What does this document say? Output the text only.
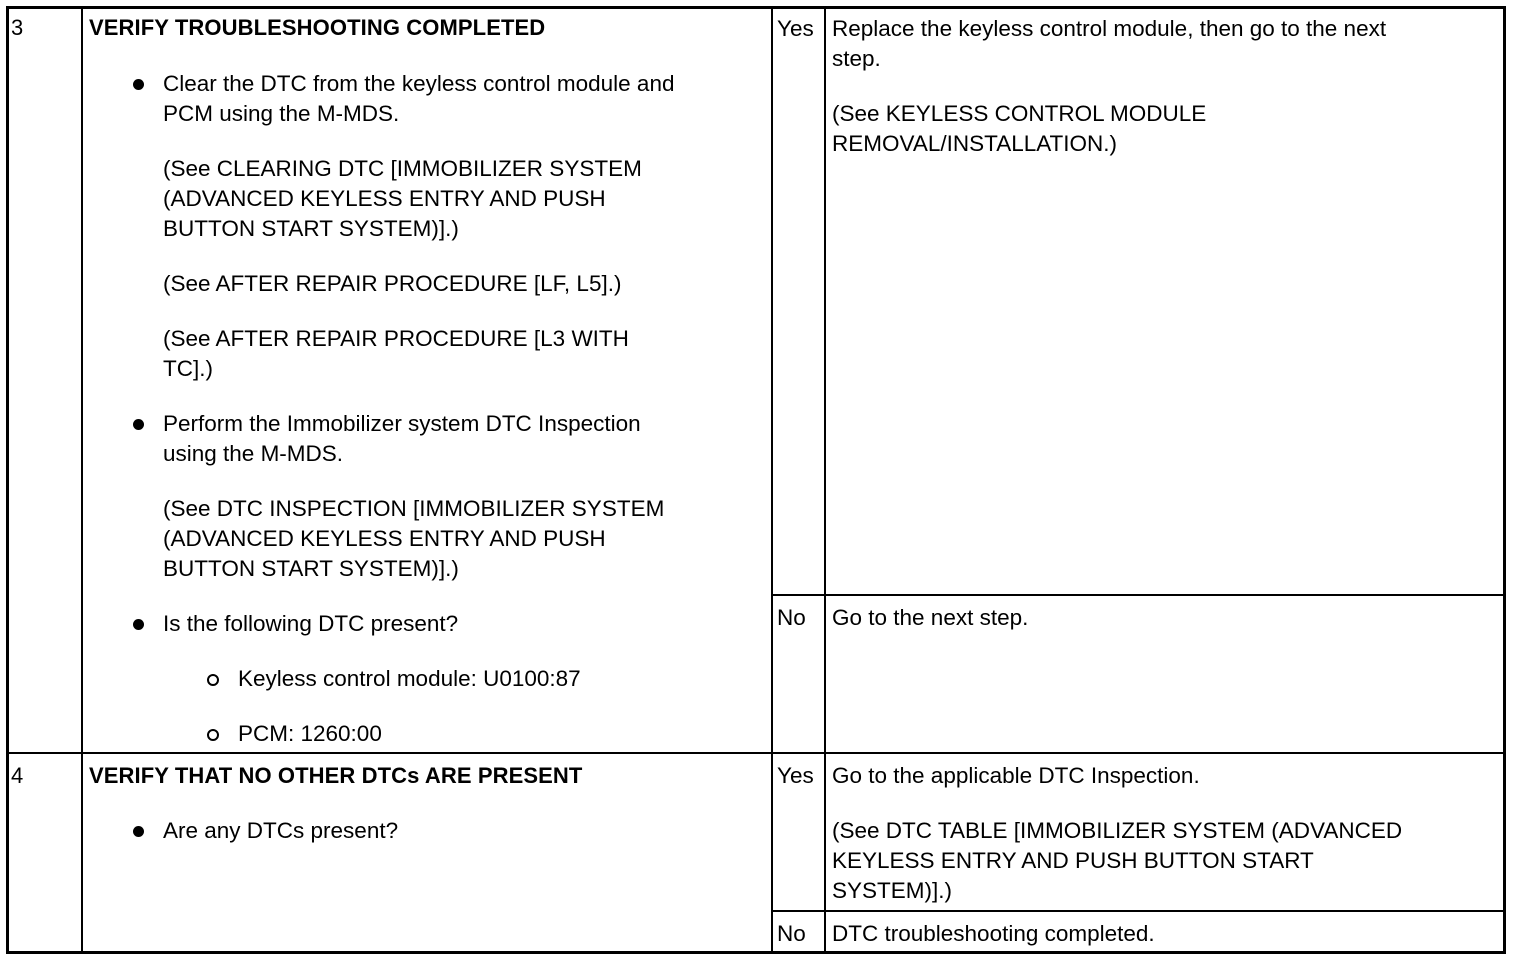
3	VERIFY TROUBLESHOOTING COMPLETED
Clear the DTC from the keyless control module and
PCM using the M-MDS.
(See CLEARING DTC [IMMOBILIZER SYSTEM
(ADVANCED KEYLESS ENTRY AND PUSH
BUTTON START SYSTEM)].)
(See AFTER REPAIR PROCEDURE [LF, L5].)
(See AFTER REPAIR PROCEDURE [L3 WITH
TC].)
Perform the Immobilizer system DTC Inspection
using the M-MDS.
(See DTC INSPECTION [IMMOBILIZER SYSTEM
(ADVANCED KEYLESS ENTRY AND PUSH
BUTTON START SYSTEM)].)
Is the following DTC present?
Keyless control module: U0100:87
PCM: 1260:00
Yes Replace the keyless control module, then go to the next
step.
(See KEYLESS CONTROL MODULE
REMOVAL/INSTALLATION.)
No Go to the next step.
4	VERIFY THAT NO OTHER DTCs ARE PRESENT
Are any DTCs present?
Yes Go to the applicable DTC Inspection.
(See DTC TABLE [IMMOBILIZER SYSTEM (ADVANCED
KEYLESS ENTRY AND PUSH BUTTON START
SYSTEM)].)
No DTC troubleshooting completed.
